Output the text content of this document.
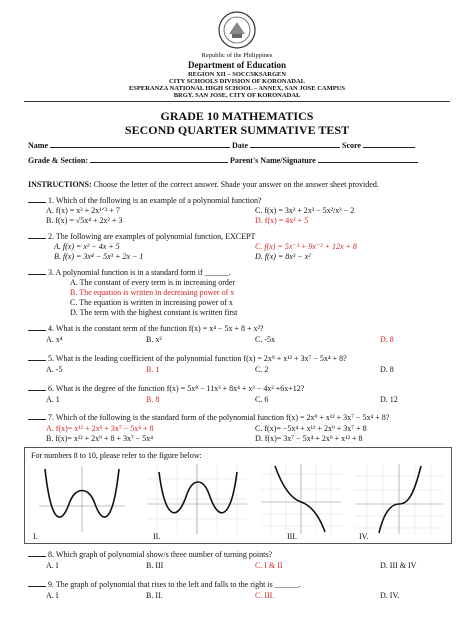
Republic of the Philippines
Department of Education
REGION XII – SOCCSKSARGEN
CITY SCHOOLS DIVISION OF KORONADAL
ESPERANZA NATIONAL HIGH SCHOOL – ANNEX, SAN JOSE CAMPUS
BRGY. SAN JOSE, CITY OF KORONADAL
GRADE 10 MATHEMATICS
SECOND QUARTER SUMMATIVE TEST
Name	Date	Score
Grade & Section:	Parent's Name/Signature
INSTRUCTIONS: Choose the letter of the correct answer. Shade your answer on the answer sheet provided.
1. Which of the following is an example of a polynomial function?
A. f(x) = x³ + 2x¹ᐟ² + 7	C. f(x) = 3x² + 2x³ − 5x²/x³ − 2
B. f(x) = √5x⁴ + 2x² + 3	D. f(x) = 4x² + 5
2. The following are examples of polynomial function, EXCEPT
A. f(x) = x² − 4x + 5	C. f(x) = 5x⁻³ + 9x⁻² + 12x + 8
B. f(x) = 3x⁴ − 5x³ + 2x − 1	D. f(x) = 8x³ − x²
3. A polynomial function is in a standard form if ______.
A. The constant of every term is in increasing order
B. The equation is written in decreasing power of x
C. The equation is written in increasing power of x
D. The term with the highest constant is written first
4. What is the constant term of the function f(x) = x⁴ − 5x + 8 + x²?
A. x⁴	B. x²	C. -5x	D. 8
5. What is the leading coefficient of the polynomial function f(x) = 2x⁹ + x¹² + 3x⁷ − 5x⁴ + 8?
A. -5	B. 1	C. 2	D. 8
6. What is the degree of the function f(x) = 5x⁸ − 11x³ + 8x⁴ + x³ − 4x² +6x+12?
A. 1	B. 8	C. 6	D. 12
7. Which of the following is the standard form of the polynomial function f(x) = 2x⁹ + x¹² + 3x⁷ − 5x⁴ + 8?
A. f(x)= x¹² + 2x⁹ + 3x⁷ − 5x⁴ + 8	C. f(x)= −5x⁴ + x¹² + 2x⁹ + 3x⁷ + 8
B. f(x)= x¹² + 2x⁹ + 8 + 3x⁷ − 5x⁴	D. f(x)= 3x⁷ − 5x⁴ + 2x⁹ + x¹² + 8
For numbers 8 to 10, please refer to the figure below:
I.	II.	III.	IV.
8. Which graph of polynomial show/s three number of turning points?
A. I	B. III	C. I & II	D. III & IV
9. The graph of polynomial that rises to the left and falls to the right is ______.
A. I	B. II.	C. III.	D. IV.
